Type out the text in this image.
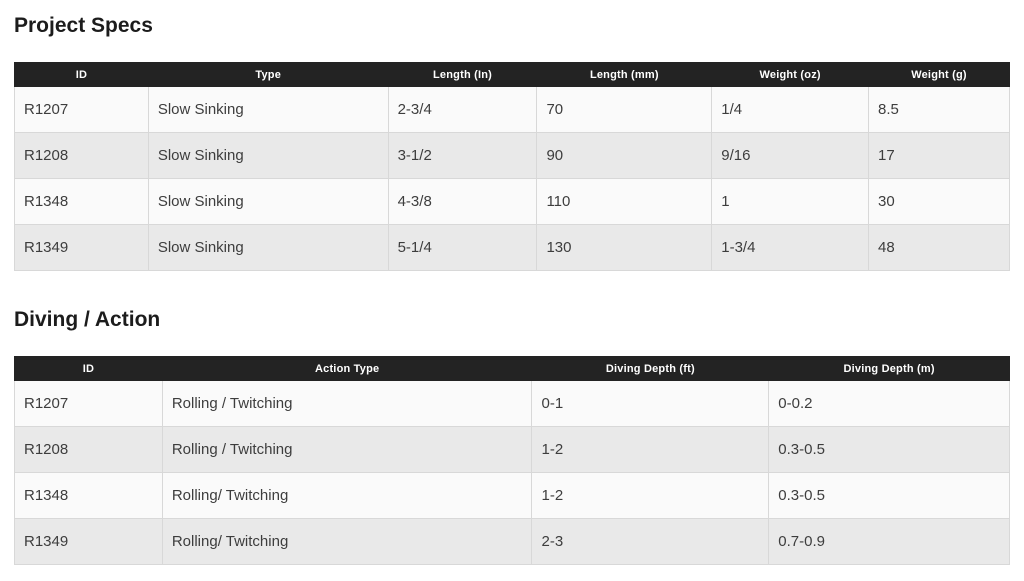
Project Specs
ID	Type	Length (In)	Length (mm)	Weight (oz)	Weight (g)
R1207	Slow Sinking	2-3/4	70	1/4	8.5
R1208	Slow Sinking	3-1/2	90	9/16	17
R1348	Slow Sinking	4-3/8	110	1	30
R1349	Slow Sinking	5-1/4	130	1-3/4	48
Diving / Action
ID	Action Type	Diving Depth (ft)	Diving Depth (m)
R1207	Rolling / Twitching	0-1	0-0.2
R1208	Rolling / Twitching	1-2	0.3-0.5
R1348	Rolling/ Twitching	1-2	0.3-0.5
R1349	Rolling/ Twitching	2-3	0.7-0.9
